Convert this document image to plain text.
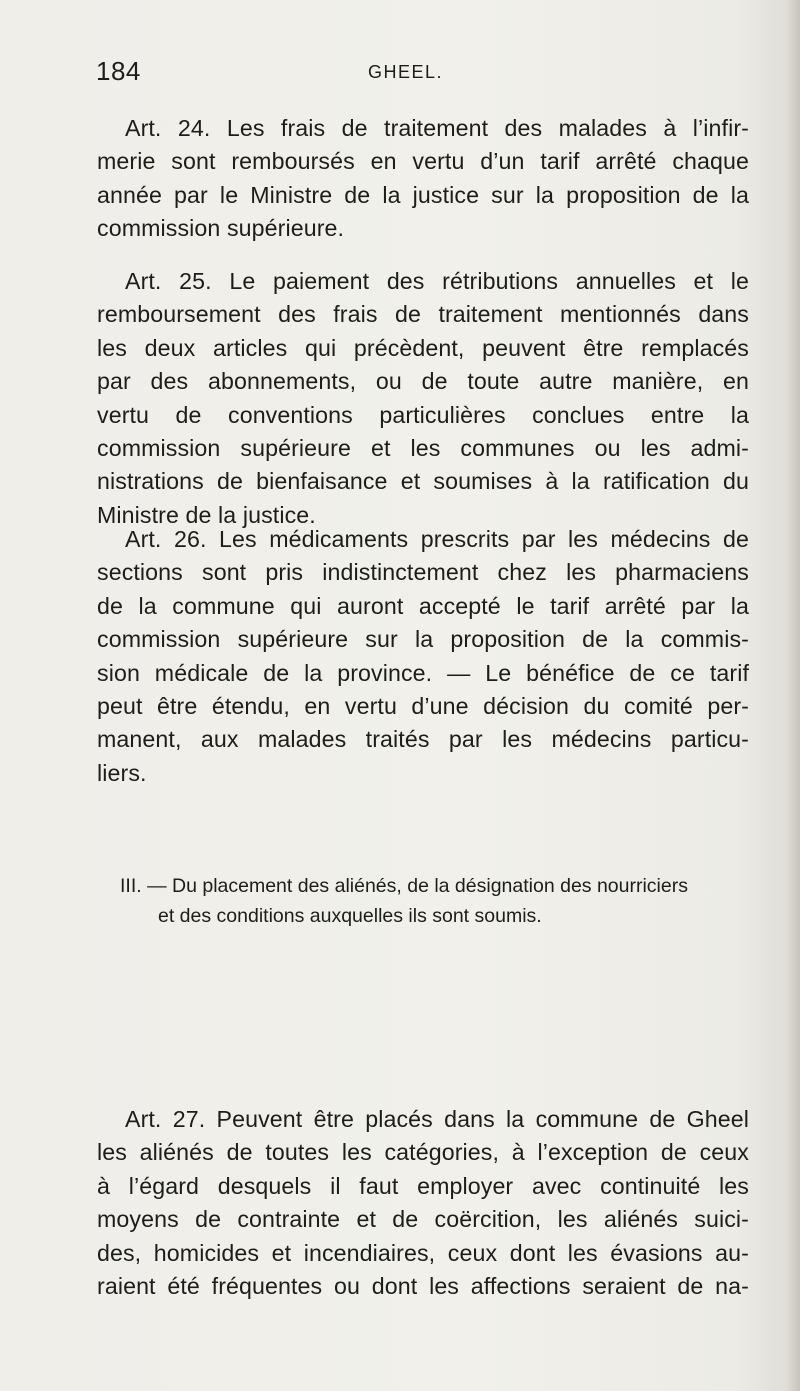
184	GHEEL.
Art. 24. Les frais de traitement des malades à l’infir-
merie sont remboursés en vertu d’un tarif arrêté chaque
année par le Ministre de la justice sur la proposition de la
commission supérieure.
Art. 25. Le paiement des rétributions annuelles et le
remboursement des frais de traitement mentionnés dans
les deux articles qui précèdent, peuvent être remplacés
par des abonnements, ou de toute autre manière, en
vertu de conventions particulières conclues entre la
commission supérieure et les communes ou les admi-
nistrations de bienfaisance et soumises à la ratification du
Ministre de la justice.
Art. 26. Les médicaments prescrits par les médecins de
sections sont pris indistinctement chez les pharmaciens
de la commune qui auront accepté le tarif arrêté par la
commission supérieure sur la proposition de la commis-
sion médicale de la province. — Le bénéfice de ce tarif
peut être étendu, en vertu d’une décision du comité per-
manent, aux malades traités par les médecins particu-
liers.
III. — Du placement des aliénés, de la désignation des nourriciers
et des conditions auxquelles ils sont soumis.
Art. 27. Peuvent être placés dans la commune de Gheel
les aliénés de toutes les catégories, à l’exception de ceux
à l’égard desquels il faut employer avec continuité les
moyens de contrainte et de coërcition, les aliénés suici-
des, homicides et incendiaires, ceux dont les évasions au-
raient été fréquentes ou dont les affections seraient de na-
